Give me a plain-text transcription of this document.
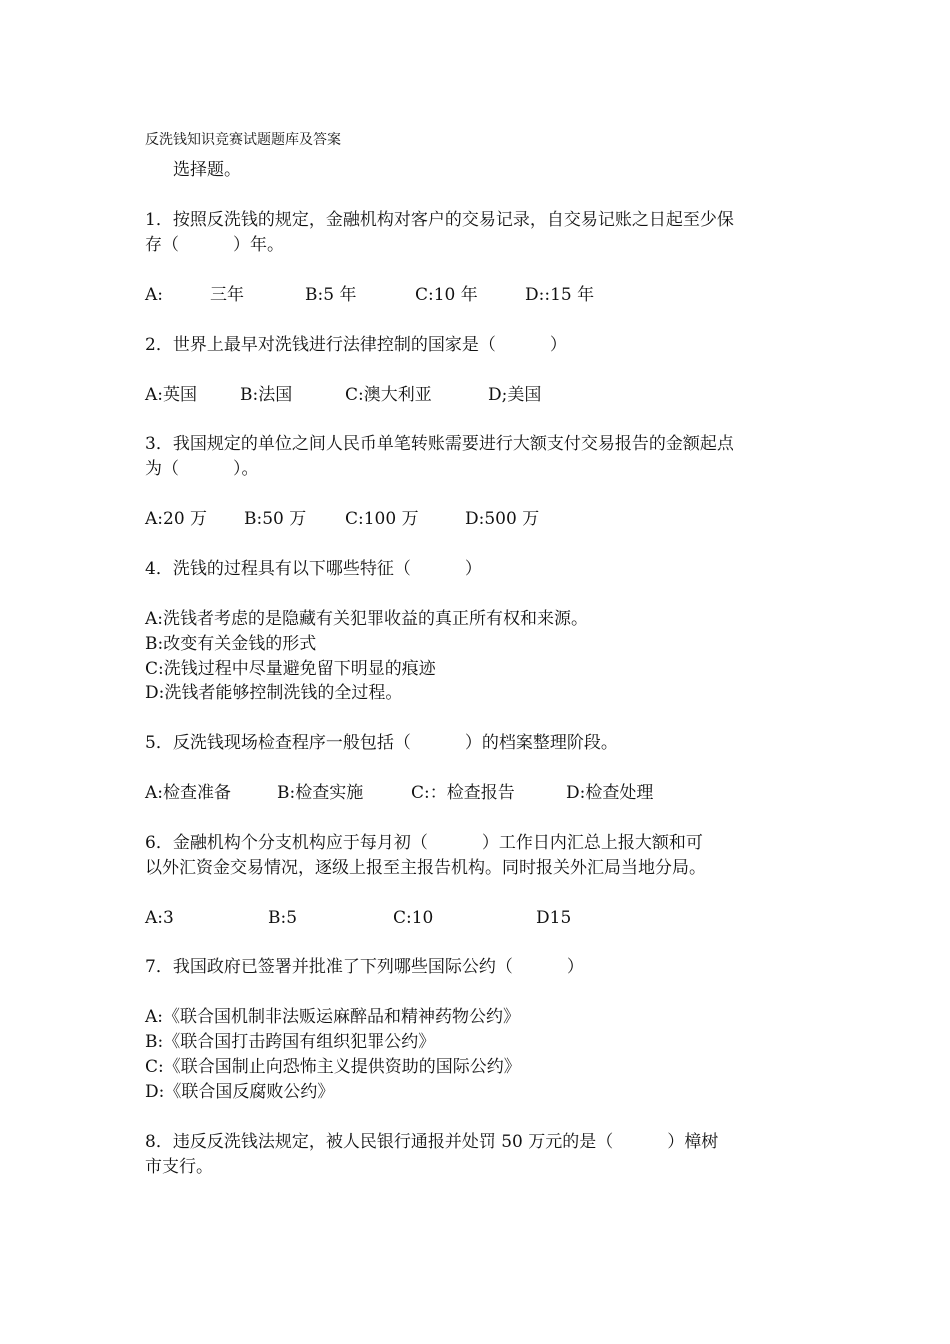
反洗钱知识竞赛试题题库及答案
选择题。
1．按照反洗钱的规定，金融机构对客户的交易记录，自交易记账之日起至少保
存（          ）年。
A:	三年	B:5 年	C:10 年	D::15 年
2．世界上最早对洗钱进行法律控制的国家是（          ）
A:英国	B:法国	C:澳大利亚	D;美国
3．我国规定的单位之间人民币单笔转账需要进行大额支付交易报告的金额起点
为（          ）。
A:20 万 B:50 万 C:100 万	D:500 万
4．洗钱的过程具有以下哪些特征（          ）
A:洗钱者考虑的是隐藏有关犯罪收益的真正所有权和来源。
B:改变有关金钱的形式
C:洗钱过程中尽量避免留下明显的痕迹
D:洗钱者能够控制洗钱的全过程。
5．反洗钱现场检查程序一般包括（          ）的档案整理阶段。
A:检查准备	B:检查实施	C:：检查报告	D:检查处理
6．金融机构个分支机构应于每月初（          ）工作日内汇总上报大额和可
以外汇资金交易情况，逐级上报至主报告机构。同时报关外汇局当地分局。
A:3	B:5	C:10	D15
7．我国政府已签署并批准了下列哪些国际公约（          ）
A:《联合国机制非法贩运麻醉品和精神药物公约》
B:《联合国打击跨国有组织犯罪公约》
C:《联合国制止向恐怖主义提供资助的国际公约》
D:《联合国反腐败公约》
8．违反反洗钱法规定，被人民银行通报并处罚 50 万元的是（          ）樟树
市支行。
